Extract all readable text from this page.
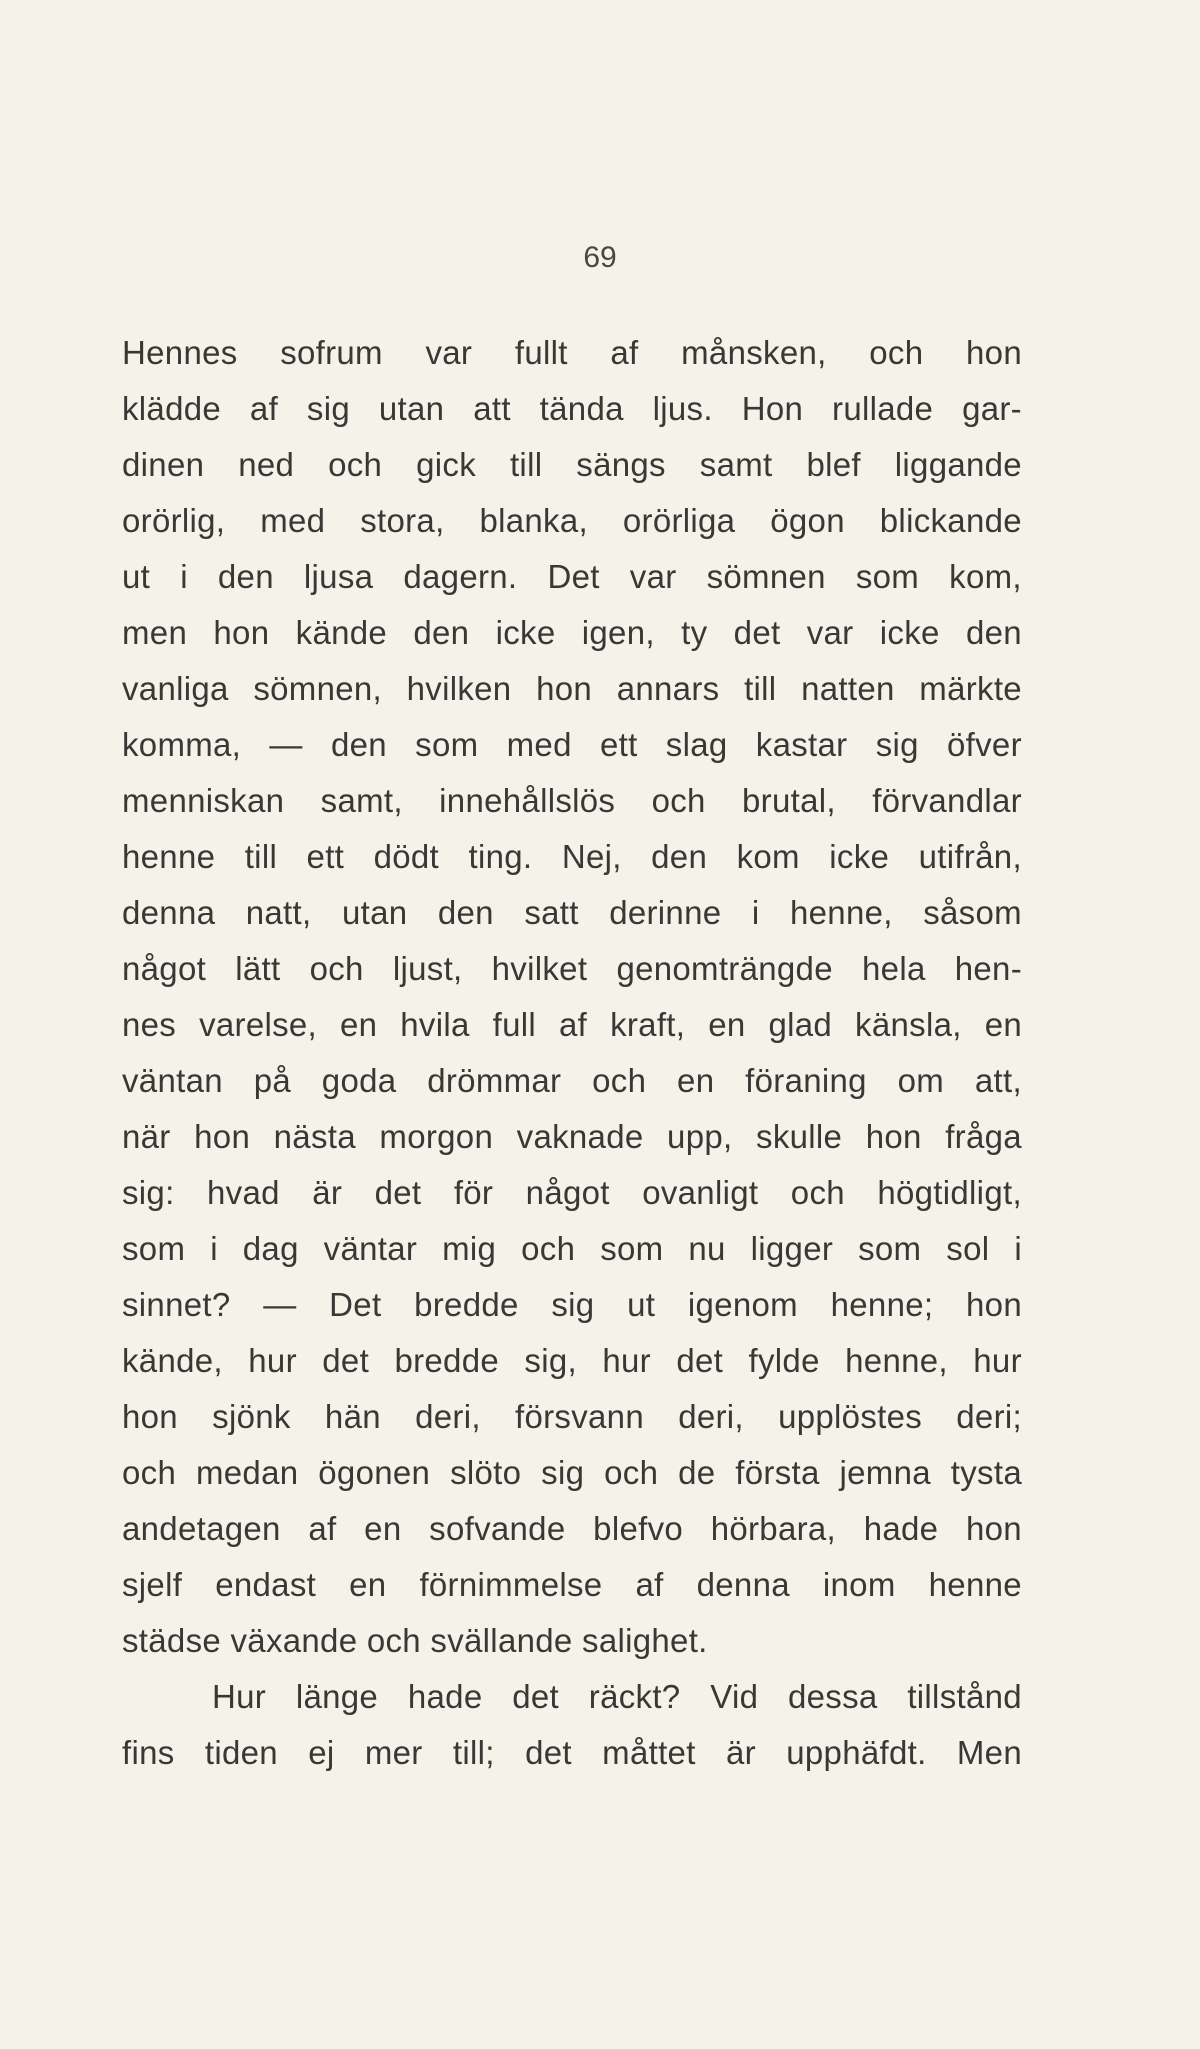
69
Hennes sofrum var fullt af månsken, och hon
klädde af sig utan att tända ljus. Hon rullade gar-
dinen ned och gick till sängs samt blef liggande
orörlig, med stora, blanka, orörliga ögon blickande
ut i den ljusa dagern. Det var sömnen som kom,
men hon kände den icke igen, ty det var icke den
vanliga sömnen, hvilken hon annars till natten märkte
komma, — den som med ett slag kastar sig öfver
menniskan samt, innehållslös och brutal, förvandlar
henne till ett dödt ting. Nej, den kom icke utifrån,
denna natt, utan den satt derinne i henne, såsom
något lätt och ljust, hvilket genomträngde hela hen-
nes varelse, en hvila full af kraft, en glad känsla, en
väntan på goda drömmar och en föraning om att,
när hon nästa morgon vaknade upp, skulle hon fråga
sig: hvad är det för något ovanligt och högtidligt,
som i dag väntar mig och som nu ligger som sol i
sinnet? — Det bredde sig ut igenom henne; hon
kände, hur det bredde sig, hur det fylde henne, hur
hon sjönk hän deri, försvann deri, upplöstes deri;
och medan ögonen slöto sig och de första jemna tysta
andetagen af en sofvande blefvo hörbara, hade hon
sjelf endast en förnimmelse af denna inom henne
städse växande och svällande salighet.
Hur länge hade det räckt? Vid dessa tillstånd
fins tiden ej mer till; det måttet är upphäfdt. Men
